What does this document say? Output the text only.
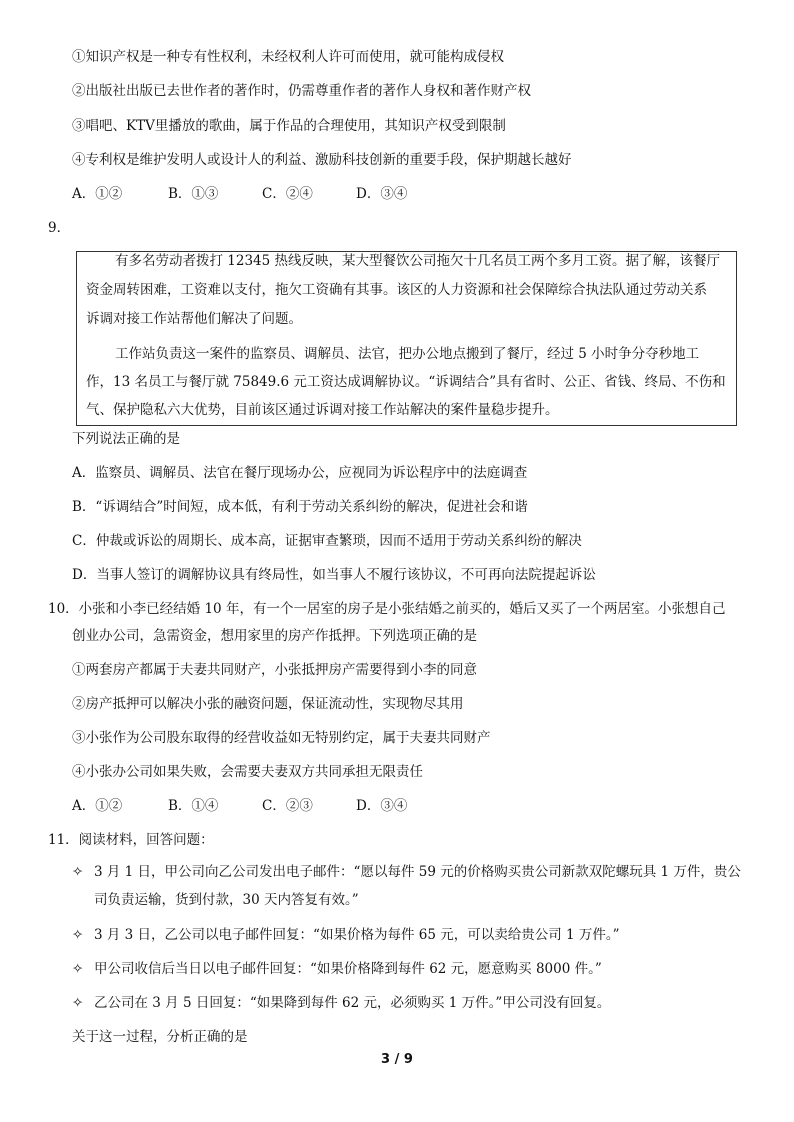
①知识产权是一种专有性权利，未经权利人许可而使用，就可能构成侵权
②出版社出版已去世作者的著作时，仍需尊重作者的著作人身权和著作财产权
③唱吧、KTV里播放的歌曲，属于作品的合理使用，其知识产权受到限制
④专利权是维护发明人或设计人的利益、激励科技创新的重要手段，保护期越长越好
A．①②	B．①③	C．②④	D．③④
9．
有多名劳动者拨打 12345 热线反映，某大型餐饮公司拖欠十几名员工两个多月工资。据了解，该餐厅
资金周转困难，工资难以支付，拖欠工资确有其事。该区的人力资源和社会保障综合执法队通过劳动关系
诉调对接工作站帮他们解决了问题。
工作站负责这一案件的监察员、调解员、法官，把办公地点搬到了餐厅，经过 5 小时争分夺秒地工
作，13 名员工与餐厅就 75849.6 元工资达成调解协议。“诉调结合”具有省时、公正、省钱、终局、不伤和
气、保护隐私六大优势，目前该区通过诉调对接工作站解决的案件量稳步提升。
下列说法正确的是
A．监察员、调解员、法官在餐厅现场办公，应视同为诉讼程序中的法庭调查
B．“诉调结合”时间短，成本低，有利于劳动关系纠纷的解决，促进社会和谐
C．仲裁或诉讼的周期长、成本高，证据审查繁琐，因而不适用于劳动关系纠纷的解决
D．当事人签订的调解协议具有终局性，如当事人不履行该协议，不可再向法院提起诉讼
10．小张和小李已经结婚 10 年，有一个一居室的房子是小张结婚之前买的，婚后又买了一个两居室。小张想自己
创业办公司，急需资金，想用家里的房产作抵押。下列选项正确的是
①两套房产都属于夫妻共同财产，小张抵押房产需要得到小李的同意
②房产抵押可以解决小张的融资问题，保证流动性，实现物尽其用
③小张作为公司股东取得的经营收益如无特别约定，属于夫妻共同财产
④小张办公司如果失败，会需要夫妻双方共同承担无限责任
A．①②	B．①④	C．②③	D．③④
11．阅读材料，回答问题：
✧ 3 月 1 日，甲公司向乙公司发出电子邮件：“愿以每件 59 元的价格购买贵公司新款双陀螺玩具 1 万件，贵公
司负责运输，货到付款，30 天内答复有效。”
✧ 3 月 3 日，乙公司以电子邮件回复：“如果价格为每件 65 元，可以卖给贵公司 1 万件。”
✧ 甲公司收信后当日以电子邮件回复：“如果价格降到每件 62 元，愿意购买 8000 件。”
✧ 乙公司在 3 月 5 日回复：“如果降到每件 62 元，必须购买 1 万件。”甲公司没有回复。
关于这一过程，分析正确的是
3 / 9
